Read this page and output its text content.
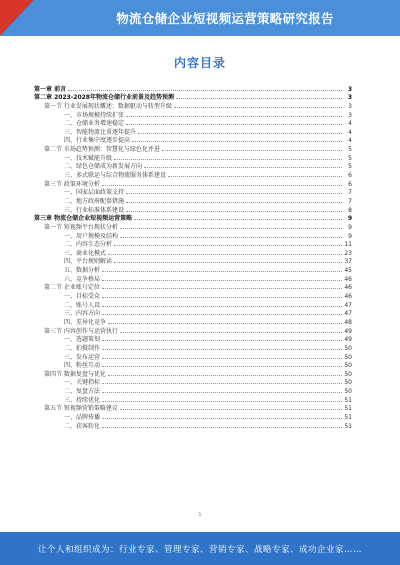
物流仓储企业短视频运营策略研究报告
内容目录
第一章 前言	3
第二章 2023-2028年物流仓储行业前景及趋势预测	3
第一节 行业发展现状概述：数据驱动与转型升级	3
一、市场规模持续扩张	3
二、仓储业务增速稳定	4
三、智能物流比重逐年提升	4
四、行业集中度逐步提高	4
第二节 市场趋势预测：智慧化与绿色化并进	5
一、技术赋能升级	5
二、绿色仓储成为新发展方向	5
三、多式联运与综合物流服务体系建设	6
第三节 政策环境分析	6
一、国家层面政策支持	7
二、地方政府配套措施	7
三、行业标准体系建设	8
第三章 物流仓储企业短视频运营策略	9
第一节 短视频平台现状分析	9
一、用户规模及结构	9
二、内容生态分析	11
三、商业化模式	23
四、平台规则解读	37
五、数据分析	45
六、竞争格局	46
第二节 企业账号定位	46
一、目标受众	46
二、账号人设	47
三、内容方向	47
四、差异化竞争	48
第三节 内容创作与运营执行	49
一、选题策划	49
二、拍摄制作	50
三、发布运营	50
四、粉丝互动	50
第四节 数据复盘与优化	50
一、关键指标	50
二、复盘方法	50
三、持续优化	51
第五节 短视频营销策略建议	51
一、品牌传播	51
二、获客转化	51
1
让个人和组织成为：行业专家、管理专家、营销专家、战略专家、成功企业家……
